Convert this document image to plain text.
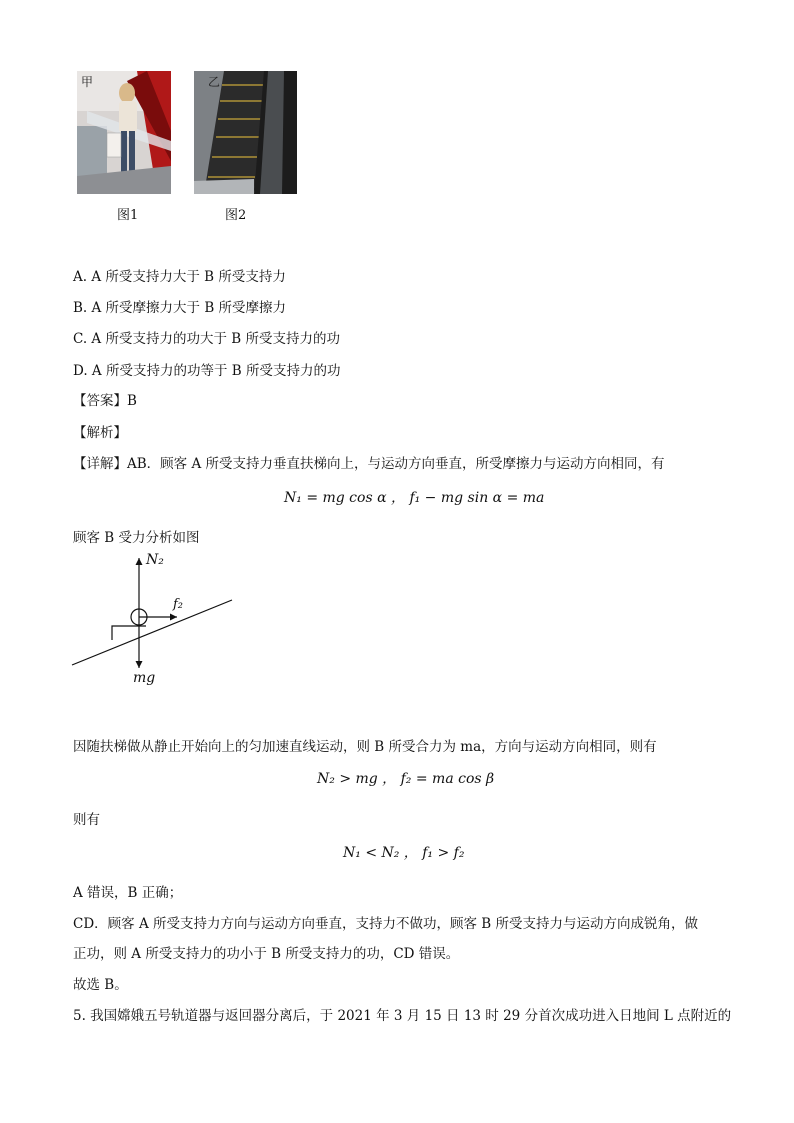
甲
图1
乙
图2
A. A 所受支持力大于 B 所受支持力
B. A 所受摩擦力大于 B 所受摩擦力
C. A 所受支持力的功大于 B 所受支持力的功
D. A 所受支持力的功等于 B 所受支持力的功
【答案】B
【解析】
【详解】AB．顾客 A 所受支持力垂直扶梯向上，与运动方向垂直，所受摩擦力与运动方向相同，有
N₁ = mg cos α ， f₁ − mg sin α = ma
顾客 B 受力分析如图
N₂
f₂
mg
因随扶梯做从静止开始向上的匀加速直线运动，则 B 所受合力为 ma，方向与运动方向相同，则有
N₂ > mg ， f₂ = ma cos β
则有
N₁ < N₂ ， f₁ > f₂
A 错误，B 正确；
CD．顾客 A 所受支持力方向与运动方向垂直，支持力不做功，顾客 B 所受支持力与运动方向成锐角，做
正功，则 A 所受支持力的功小于 B 所受支持力的功，CD 错误。
故选 B。
5. 我国嫦娥五号轨道器与返回器分离后，于 2021 年 3 月 15 日 13 时 29 分首次成功进入日地间 L 点附近的
